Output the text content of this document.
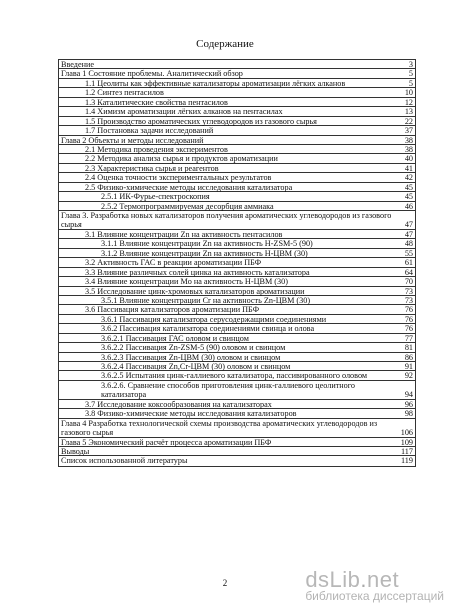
Содержание
Введение	3
Глава 1 Состояние проблемы. Аналитический обзор	5
1.1 Цеолиты как эффективные катализаторы ароматизации лёгких алканов	5
1.2 Синтез пентасилов	10
1.3 Каталитические свойства пентасилов	12
1.4 Химизм ароматизации лёгких алканов на пентасилах	13
1.5 Производство ароматических углеводородов из газового сырья	22
1.7 Постановка задачи исследований	37
Глава 2 Объекты и методы исследований	38
2.1 Методика проведения экспериментов	38
2.2 Методика анализа сырья и продуктов ароматизации	40
2.3 Характеристика сырья и реагентов	41
2.4 Оценка точности экспериментальных результатов	42
2.5 Физико-химические методы исследования катализатора	45
2.5.1 ИК-Фурье-спектроскопия	45
2.5.2 Термопрограммируемая десорбция аммиака	46
Глава 3. Разработка новых катализаторов получения ароматических углеводородов из газового сырья	47
3.1 Влияние концентрации Zn на активность пентасилов	47
3.1.1 Влияние концентрации Zn на активность H-ZSM-5 (90)	48
3.1.2 Влияние концентрации Zn на активность H-ЦВМ (30)	55
3.2 Активность ГАС в реакции ароматизации ПБФ	61
3.3 Влияние различных солей цинка на активность катализатора	64
3.4 Влияние концентрации Mo на активность H-ЦВМ (30)	70
3.5 Исследование цинк-хромовых катализаторов ароматизации	73
3.5.1 Влияние концентрации Cr на активность Zn-ЦВМ (30)	73
3.6 Пассивация катализаторов ароматизации ПБФ	76
3.6.1 Пассивация катализатора серусодержащими соединениями	76
3.6.2 Пассивация катализатора соединениями свинца и олова	76
3.6.2.1 Пассивация ГАС оловом и свинцом	77
3.6.2.2 Пассивация Zn-ZSM-5 (90) оловом и свинцом	81
3.6.2.3 Пассивация Zn-ЦВМ (30) оловом и свинцом	86
3.6.2.4 Пассивация Zn,Cr-ЦВМ (30) оловом и свинцом	91
3.6.2.5 Испытания цинк-галлиевого катализатора, пассивированного оловом	92
3.6.2.6. Сравнение способов приготовления цинк-галлиевого цеолитного катализатора	94
3.7 Исследование коксообразования на катализаторах	96
3.8 Физико-химические методы исследования катализаторов	98
Глава 4 Разработка технологической схемы производства ароматических углеводородов из газового сырья	106
Глава 5 Экономический расчёт процесса ароматизации ПБФ	109
Выводы	117
Список использованной литературы	119
2	dsLib.net
библиотека диссертаций
